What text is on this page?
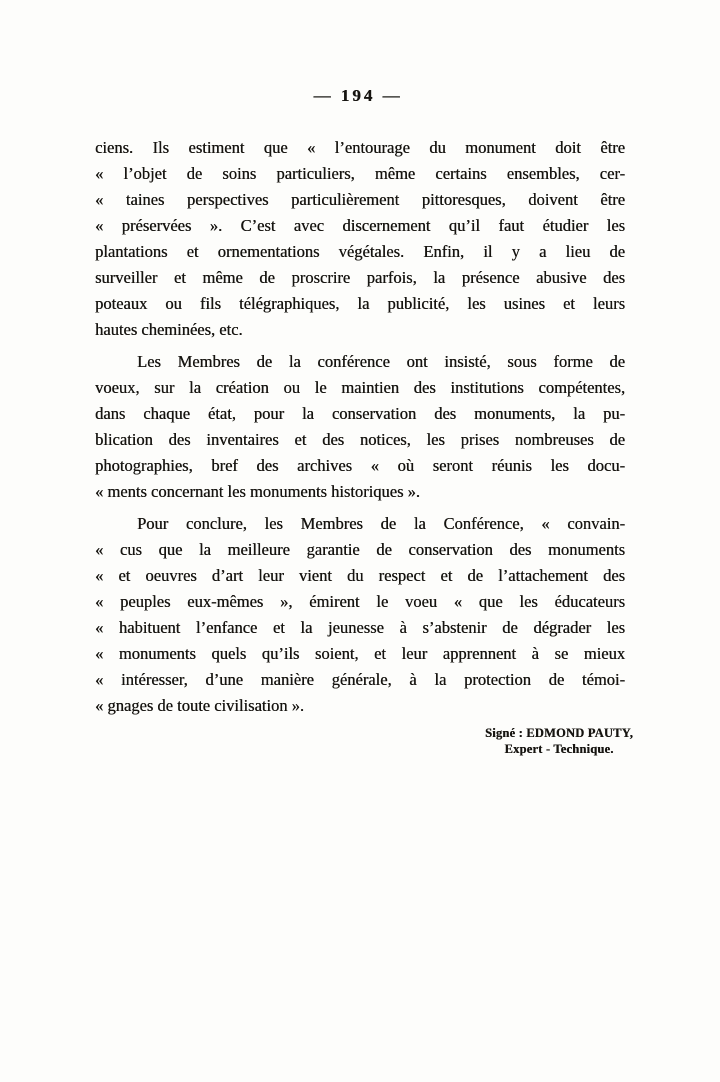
— 194 —
ciens. Ils estiment que « l’entourage du monument doit être
« l’objet de soins particuliers, même certains ensembles, cer-
« taines perspectives particulièrement pittoresques, doivent être
« préservées ». C’est avec discernement qu’il faut étudier les
plantations et ornementations végétales. Enfin, il y a lieu de
surveiller et même de proscrire parfois, la présence abusive des
poteaux ou fils télégraphiques, la publicité, les usines et leurs
hautes cheminées, etc.
Les Membres de la conférence ont insisté, sous forme de
voeux, sur la création ou le maintien des institutions compétentes,
dans chaque état, pour la conservation des monuments, la pu-
blication des inventaires et des notices, les prises nombreuses de
photographies, bref des archives « où seront réunis les docu-
« ments concernant les monuments historiques ».
Pour conclure, les Membres de la Conférence, « convain-
« cus que la meilleure garantie de conservation des monuments
« et oeuvres d’art leur vient du respect et de l’attachement des
« peuples eux-mêmes », émirent le voeu « que les éducateurs
« habituent l’enfance et la jeunesse à s’abstenir de dégrader les
« monuments quels qu’ils soient, et leur apprennent à se mieux
« intéresser, d’une manière générale, à la protection de témoi-
« gnages de toute civilisation ».
Signé : EDMOND PAUTY,
Expert - Technique.
